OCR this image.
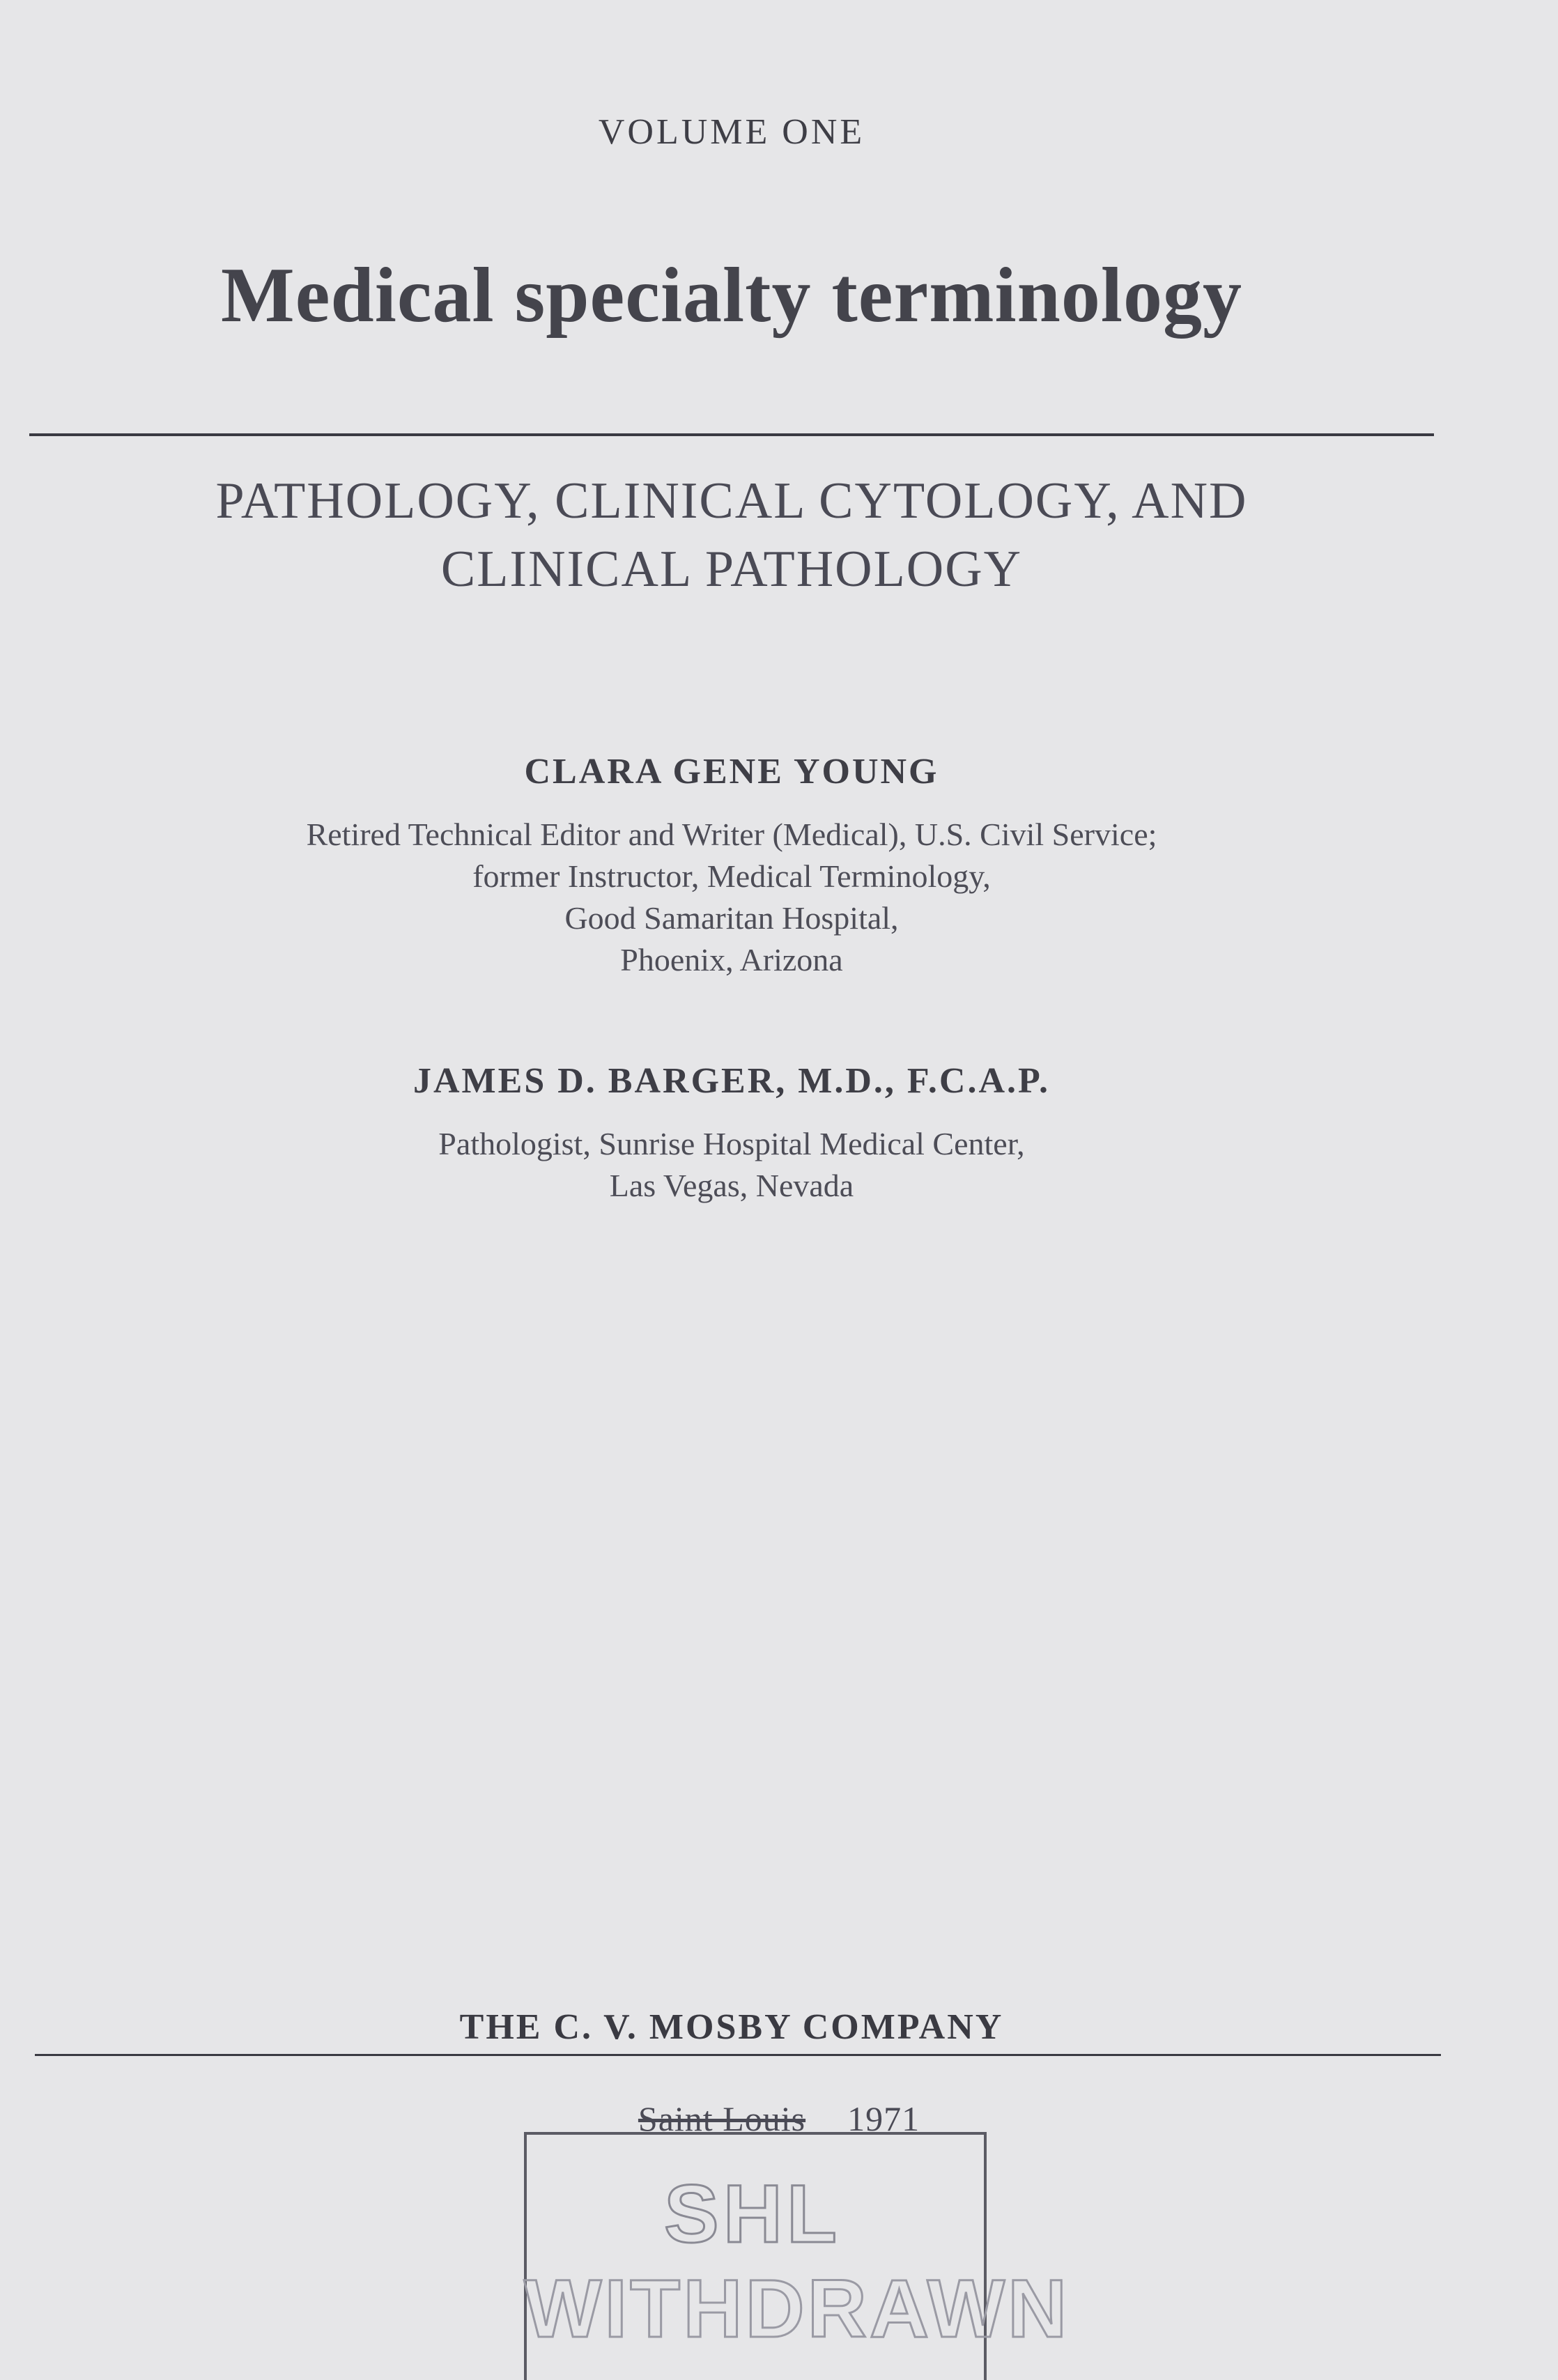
VOLUME ONE
Medical specialty terminology
PATHOLOGY, CLINICAL CYTOLOGY, AND
CLINICAL PATHOLOGY
CLARA GENE YOUNG
Retired Technical Editor and Writer (Medical), U.S. Civil Service;
former Instructor, Medical Terminology,
Good Samaritan Hospital,
Phoenix, Arizona
JAMES D. BARGER, M.D., F.C.A.P.
Pathologist, Sunrise Hospital Medical Center,
Las Vegas, Nevada
THE C. V. MOSBY COMPANY
Saint Louis 1971
SHL
WITHDRAWN
